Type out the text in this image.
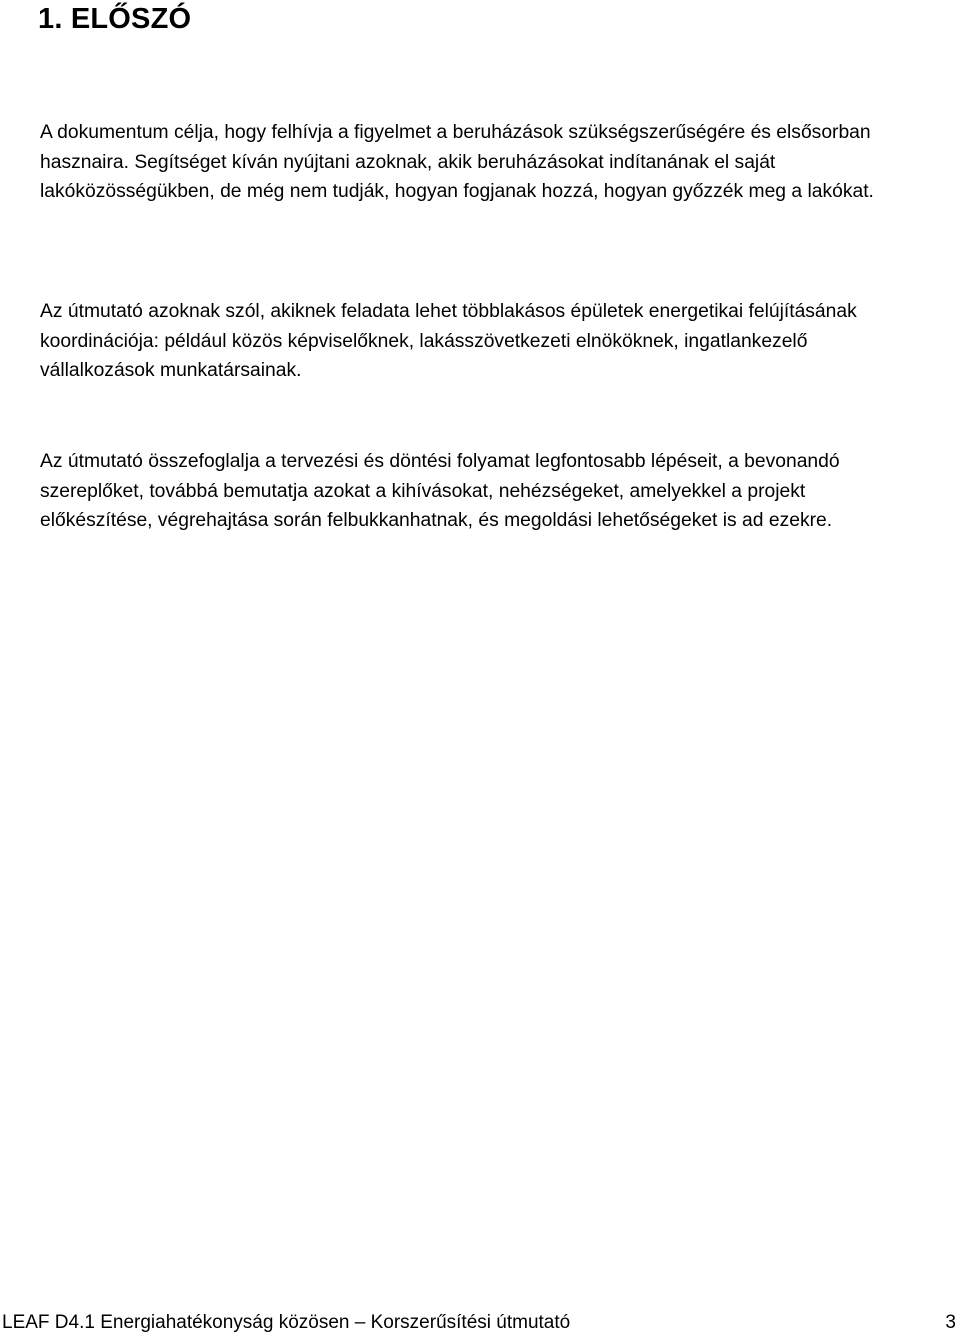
1. ELŐSZÓ

A dokumentum célja, hogy felhívja a figyelmet a beruházások szükségszerűségére és elsősorban hasznaira. Segítséget kíván nyújtani azoknak, akik beruházásokat indítanának el saját lakóközösségükben, de még nem tudják, hogyan fogjanak hozzá, hogyan győzzék meg a lakókat.

Az útmutató azoknak szól, akiknek feladata lehet többlakásos épületek energetikai felújításának koordinációja: például közös képviselőknek, lakásszövetkezeti elnököknek, ingatlankezelő vállalkozások munkatársainak.

Az útmutató összefoglalja a tervezési és döntési folyamat legfontosabb lépéseit, a bevonandó szereplőket, továbbá bemutatja azokat a kihívásokat, nehézségeket, amelyekkel a projekt előkészítése, végrehajtása során felbukkanhatnak, és megoldási lehetőségeket is ad ezekre.

LEAF D4.1 Energiahatékonyság közösen – Korszerűsítési útmutató	3
